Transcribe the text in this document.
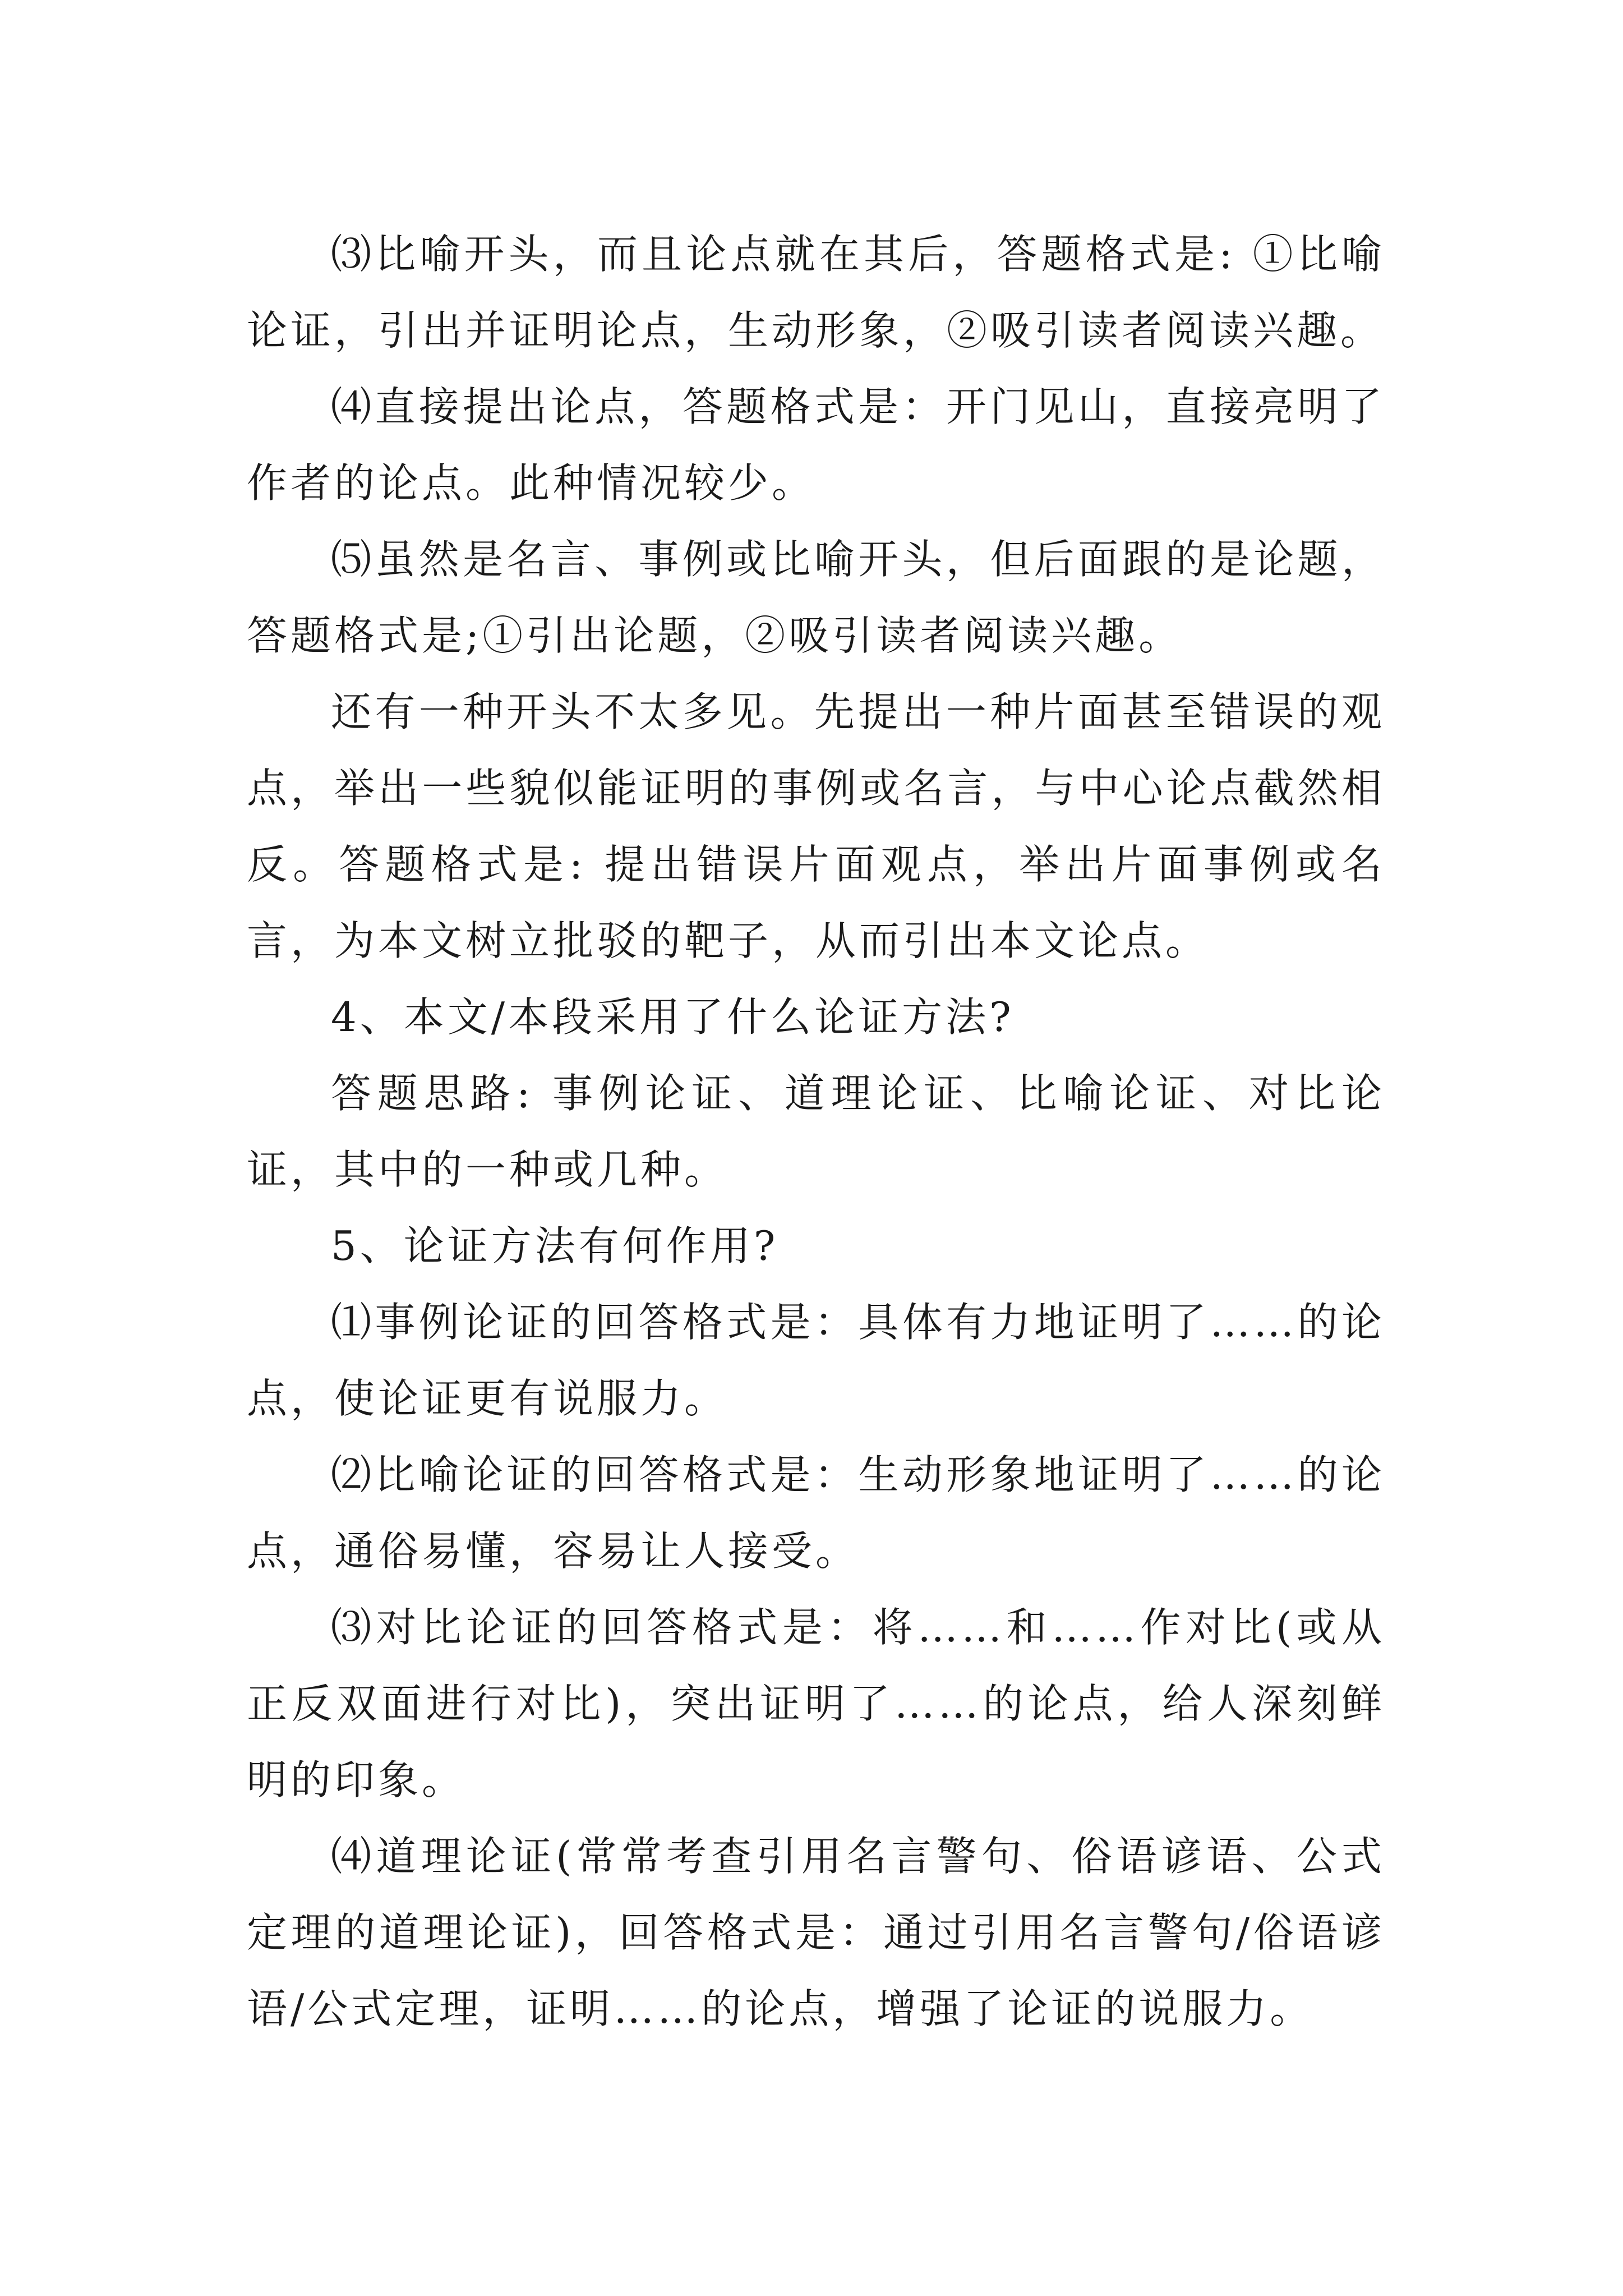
⑶比喻开头，而且论点就在其后，答题格式是: ①比喻论证，引出并证明论点，生动形象，②吸引读者阅读兴趣。

⑷直接提出论点，答题格式是：开门见山，直接亮明了作者的论点。此种情况较少。

⑸虽然是名言、事例或比喻开头，但后面跟的是论题，答题格式是;①引出论题，②吸引读者阅读兴趣。

还有一种开头不太多见。先提出一种片面甚至错误的观点，举出一些貌似能证明的事例或名言，与中心论点截然相反。答题格式是: 提出错误片面观点，举出片面事例或名言，为本文树立批驳的靶子，从而引出本文论点。

4、本文/本段采用了什么论证方法?

答题思路: 事例论证、道理论证、比喻论证、对比论证，其中的一种或几种。

5、论证方法有何作用?

⑴事例论证的回答格式是：具体有力地证明了……的论点，使论证更有说服力。

⑵比喻论证的回答格式是：生动形象地证明了……的论点，通俗易懂，容易让人接受。

⑶对比论证的回答格式是：将……和……作对比(或从正反双面进行对比)，突出证明了……的论点，给人深刻鲜明的印象。

⑷道理论证(常常考查引用名言警句、俗语谚语、公式定理的道理论证)，回答格式是：通过引用名言警句/俗语谚语/公式定理，证明……的论点，增强了论证的说服力。
